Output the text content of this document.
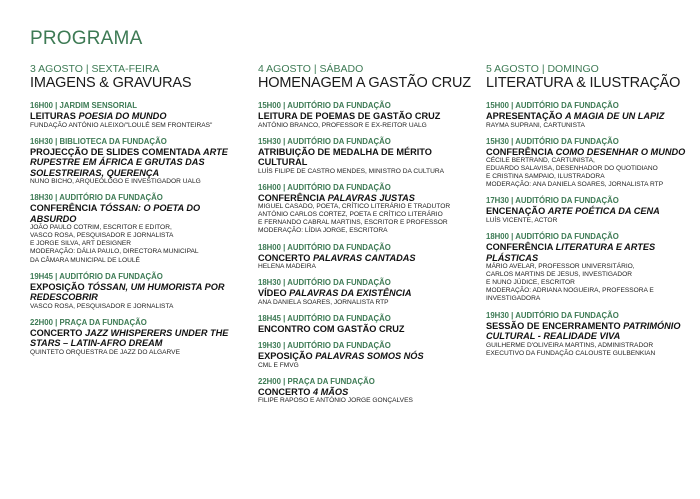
PROGRAMA
3 AGOSTO | SEXTA-FEIRA
IMAGENS & GRAVURAS
16H00 | JARDIM SENSORIAL
LEITURAS POESIA DO MUNDO
FUNDAÇÃO ANTÓNIO ALEIXO/"LOULÉ SEM FRONTEIRAS"
16H30 | BIBLIOTECA DA FUNDAÇÃO
PROJECÇÃO DE SLIDES COMENTADA ARTE RUPESTRE EM ÁFRICA E GRUTAS DAS SOLESTREIRAS, QUERENÇA
NUNO BICHO, ARQUEÓLOGO E INVESTIGADOR UALG
18H30 | AUDITÓRIO DA FUNDAÇÃO
CONFERÊNCIA TÓSSAN: O POETA DO ABSURDO
JOÃO PAULO COTRIM, ESCRITOR E EDITOR,
VASCO ROSA, PESQUISADOR E JORNALISTA
E JORGE SILVA, ART DESIGNER
MODERAÇÃO: DÁLIA PAULO, DIRECTORA MUNICIPAL
DA CÂMARA MUNICIPAL DE LOULÉ
19H45 | AUDITÓRIO DA FUNDAÇÃO
EXPOSIÇÃO TÓSSAN, UM HUMORISTA POR REDESCOBRIR
VASCO ROSA, PESQUISADOR E JORNALISTA
22H00 | PRAÇA DA FUNDAÇÃO
CONCERTO JAZZ WHISPERERS UNDER THE STARS – LATIN-AFRO DREAM
QUINTETO ORQUESTRA DE JAZZ DO ALGARVE
4 AGOSTO | SÁBADO
HOMENAGEM A GASTÃO CRUZ
15H00 | AUDITÓRIO DA FUNDAÇÃO
LEITURA DE POEMAS DE GASTÃO CRUZ
ANTÓNIO BRANCO, PROFESSOR E EX-REITOR UALG
15H30 | AUDITÓRIO DA FUNDAÇÃO
ATRIBUIÇÃO DE MEDALHA DE MÉRITO CULTURAL
LUÍS FILIPE DE CASTRO MENDES, MINISTRO DA CULTURA
16H00 | AUDITÓRIO DA FUNDAÇÃO
CONFERÊNCIA PALAVRAS JUSTAS
MIGUEL CASADO, POETA, CRÍTICO LITERÁRIO E TRADUTOR
ANTÓNIO CARLOS CORTEZ, POETA E CRÍTICO LITERÁRIO
E FERNANDO CABRAL MARTINS, ESCRITOR E PROFESSOR
MODERAÇÃO: LÍDIA JORGE, ESCRITORA
18H00 | AUDITÓRIO DA FUNDAÇÃO
CONCERTO PALAVRAS CANTADAS
HELENA MADEIRA
18H30 | AUDITÓRIO DA FUNDAÇÃO
VÍDEO PALAVRAS DA EXISTÊNCIA
ANA DANIELA SOARES, JORNALISTA RTP
18H45 | AUDITÓRIO DA FUNDAÇÃO
ENCONTRO COM GASTÃO CRUZ
19H30 | AUDITÓRIO DA FUNDAÇÃO
EXPOSIÇÃO PALAVRAS SOMOS NÓS
CML E FMVG
22H00 | PRAÇA DA FUNDAÇÃO
CONCERTO 4 MÃOS
FILIPE RAPOSO E ANTÓNIO JORGE GONÇALVES
5 AGOSTO | DOMINGO
LITERATURA & ILUSTRAÇÃO
15H00 | AUDITÓRIO DA FUNDAÇÃO
APRESENTAÇÃO A MAGIA DE UN LAPIZ
RAYMA SUPRANI, CARTUNISTA
15H30 | AUDITÓRIO DA FUNDAÇÃO
CONFERÊNCIA COMO DESENHAR O MUNDO
CÉCILE BERTRAND, CARTUNISTA,
EDUARDO SALAVISA, DESENHADOR DO QUOTIDIANO
E CRISTINA SAMPAIO, ILUSTRADORA
MODERAÇÃO: ANA DANIELA SOARES, JORNALISTA RTP
17H30 | AUDITÓRIO DA FUNDAÇÃO
ENCENAÇÃO ARTE POÉTICA DA CENA
LUÍS VICENTE, ACTOR
18H00 | AUDITÓRIO DA FUNDAÇÃO
CONFERÊNCIA LITERATURA E ARTES PLÁSTICAS
MÁRIO AVELAR, PROFESSOR UNIVERSITÁRIO,
CARLOS MARTINS DE JESUS, INVESTIGADOR
E NUNO JÚDICE, ESCRITOR
MODERAÇÃO: ADRIANA NOGUEIRA, PROFESSORA E INVESTIGADORA
19H30 | AUDITÓRIO DA FUNDAÇÃO
SESSÃO DE ENCERRAMENTO PATRIMÓNIO CULTURAL - REALIDADE VIVA
GUILHERME D'OLIVEIRA MARTINS, ADMINISTRADOR
EXECUTIVO DA FUNDAÇÃO CALOUSTE GULBENKIAN
